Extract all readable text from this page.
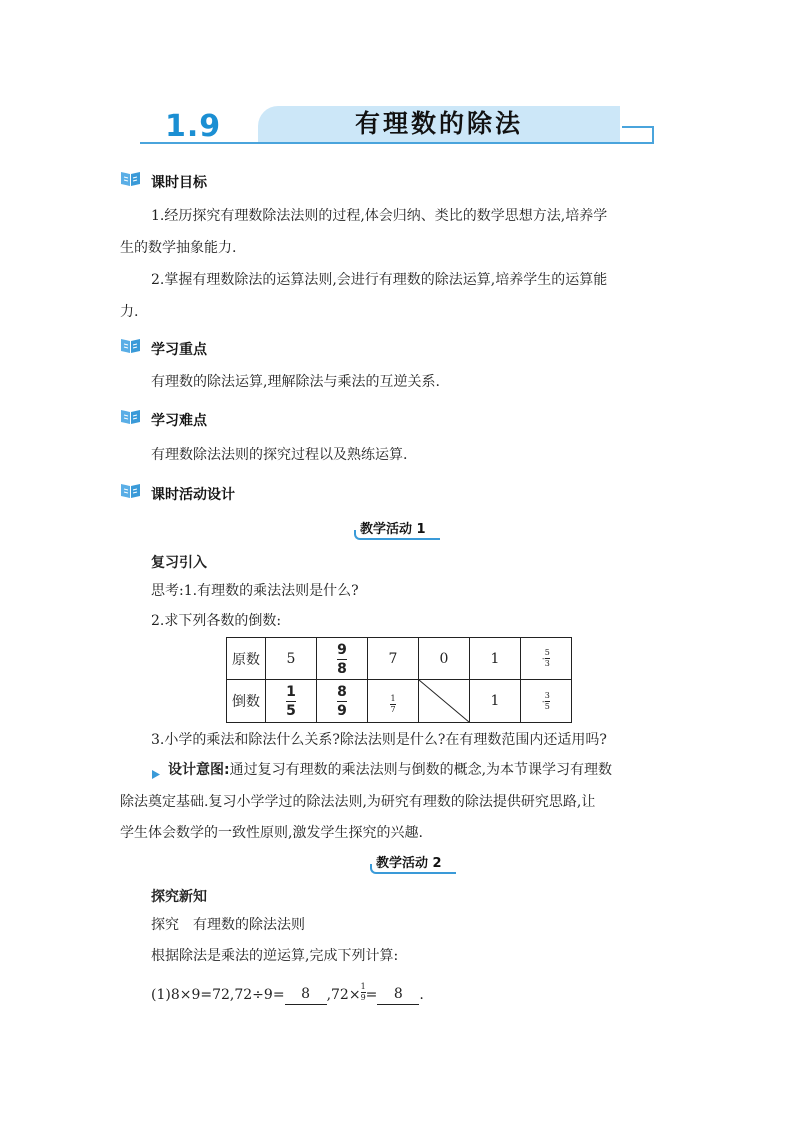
1.9	有理数的除法
课时目标
1.经历探究有理数除法法则的过程,体会归纳、类比的数学思想方法,培养学
生的数学抽象能力.
2.掌握有理数除法的运算法则,会进行有理数的除法运算,培养学生的运算能
力.
学习重点
有理数的除法运算,理解除法与乘法的互逆关系.
学习难点
有理数除法法则的探究过程以及熟练运算.
课时活动设计
教学活动 1
复习引入
思考:1.有理数的乘法法则是什么?
2.求下列各数的倒数:
原数	5	$\frac{9}{8}$	7	0	1	- $\frac{5}{3}$

倒数	$\frac{1}{5}$	$\frac{8}{9}$	$\frac{1}{7}$		1	- $\frac{3}{5}$
3.小学的乘法和除法什么关系?除法法则是什么?在有理数范围内还适用吗?
设计意图:通过复习有理数的乘法法则与倒数的概念,为本节课学习有理数
除法奠定基础.复习小学学过的除法法则,为研究有理数的除法提供研究思路,让
学生体会数学的一致性原则,激发学生探究的兴趣.
教学活动 2
探究新知
探究　有理数的除法法则
根据除法是乘法的逆运算,完成下列计算:
(1)8×9=72,72÷9=	8	$,72\times \frac{1}{9}$ =	8	.
